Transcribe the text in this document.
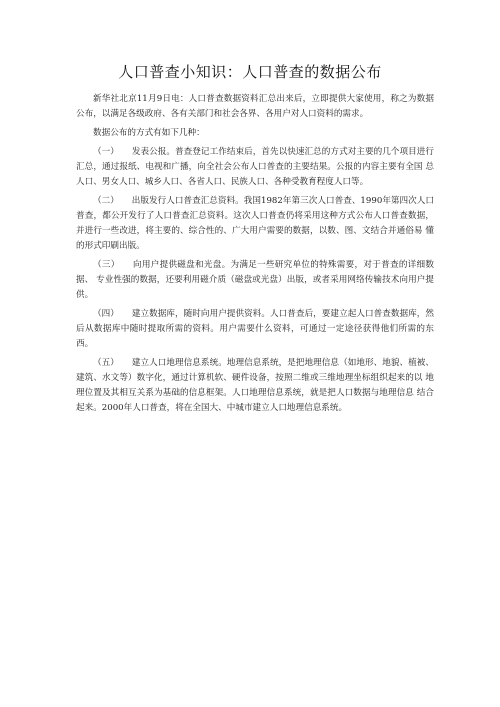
人口普查小知识：人口普查的数据公布

新华社北京11月9日电：人口普查数据资料汇总出来后，立即提供大家使用，称之为数据公布，以满足各级政府、各有关部门和社会各界、各用户对人口资料的需求。

数据公布的方式有如下几种：

（一）　　发表公报。普查登记工作结束后，首先以快速汇总的方式对主要的几个项目进行 汇总，通过报纸、电视和广播，向全社会公布人口普查的主要结果。公报的内容主要有全国 总人口、男女人口、城乡人口、各省人口、民族人口、各种受教育程度人口等。

（二）　　出版发行人口普查汇总资料。我国1982年第三次人口普查、1990年第四次人口 普查，都公开发行了人口普查汇总资料。这次人口普查仍将采用这种方式公布人口普查数据， 并进行一些改进，将主要的、综合性的、广大用户需要的数据，以数、图、文结合并通俗易 懂的形式印刷出版。

（三）　　向用户提供磁盘和光盘。为满足一些研究单位的特殊需要，对于普查的详细数据、 专业性强的数据，还要利用磁介质（磁盘或光盘）出版，或者采用网络传输技术向用户提供。

（四）　　建立数据库，随时向用户提供资料。人口普查后，要建立起人口普查数据库，然 后从数据库中随时提取所需的资料。用户需要什么资料，可通过一定途径获得他们所需的东 西。

（五）　　建立人口地理信息系统。地理信息系统，是把地理信息（如地形、地貌、植被、 建筑、水文等）数字化，通过计算机软、硬件设备，按照二维或三维地理坐标组织起来的以 地理位置及其相互关系为基础的信息框架。人口地理信息系统，就是把人口数据与地理信息 结合起来。2000年人口普查，将在全国大、中城市建立人口地理信息系统。
